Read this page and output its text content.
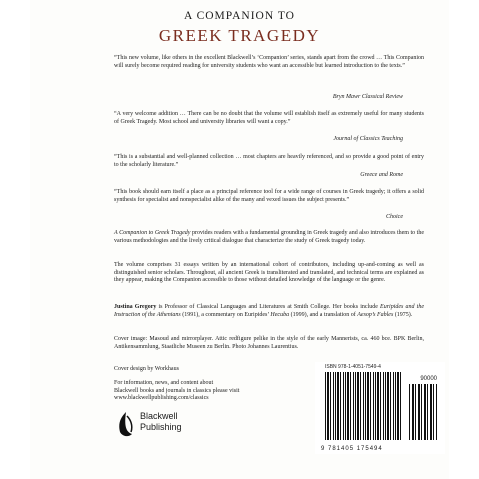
A COMPANION TO
GREEK TRAGEDY
“This new volume, like others in the excellent Blackwell’s ‘Companion’ series, stands apart from the crowd … This Companion will surely become required reading for university students who want an accessible but learned introduction to the texts.”
Bryn Mawr Classical Review
“A very welcome addition … There can be no doubt that the volume will establish itself as extremely useful for many students of Greek Tragedy. Most school and university libraries will want a copy.”
Journal of Classics Teaching
“This is a substantial and well-planned collection … most chapters are heavily referenced, and so provide a good point of entry to the scholarly literature.”
Greece and Rome
“This book should earn itself a place as a principal reference tool for a wide range of courses in Greek tragedy; it offers a solid synthesis for specialist and nonspecialist alike of the many and vexed issues the subject presents.”
Choice
A Companion to Greek Tragedy provides readers with a fundamental grounding in Greek tragedy and also introduces them to the various methodologies and the lively critical dialogue that characterize the study of Greek tragedy today.
The volume comprises 31 essays written by an international cohort of contributors, including up-and-coming as well as distinguished senior scholars. Throughout, all ancient Greek is transliterated and translated, and technical terms are explained as they appear, making the Companion accessible to those without detailed knowledge of the language or the genre.
Justina Gregory is Professor of Classical Languages and Literatures at Smith College. Her books include Euripides and the Instruction of the Athenians (1991), a commentary on Euripides’ Hecuba (1999), and a translation of Aesop’s Fables (1975).
Cover image: Masoud and mirrorplayer. Attic redfigure pelike in the style of the early Mannerists, ca. 460 bce. BPK Berlin, Antikensammlung, Staatliche Museen zu Berlin. Photo Johannes Laurentius.
Cover design by Workhaus
For information, news, and content about
Blackwell books and journals in classics please visit
www.blackwellpublishing.com/classics
ISBN 978-1-4051-7549-4
90000
9 781405 175494
Blackwell
Publishing
